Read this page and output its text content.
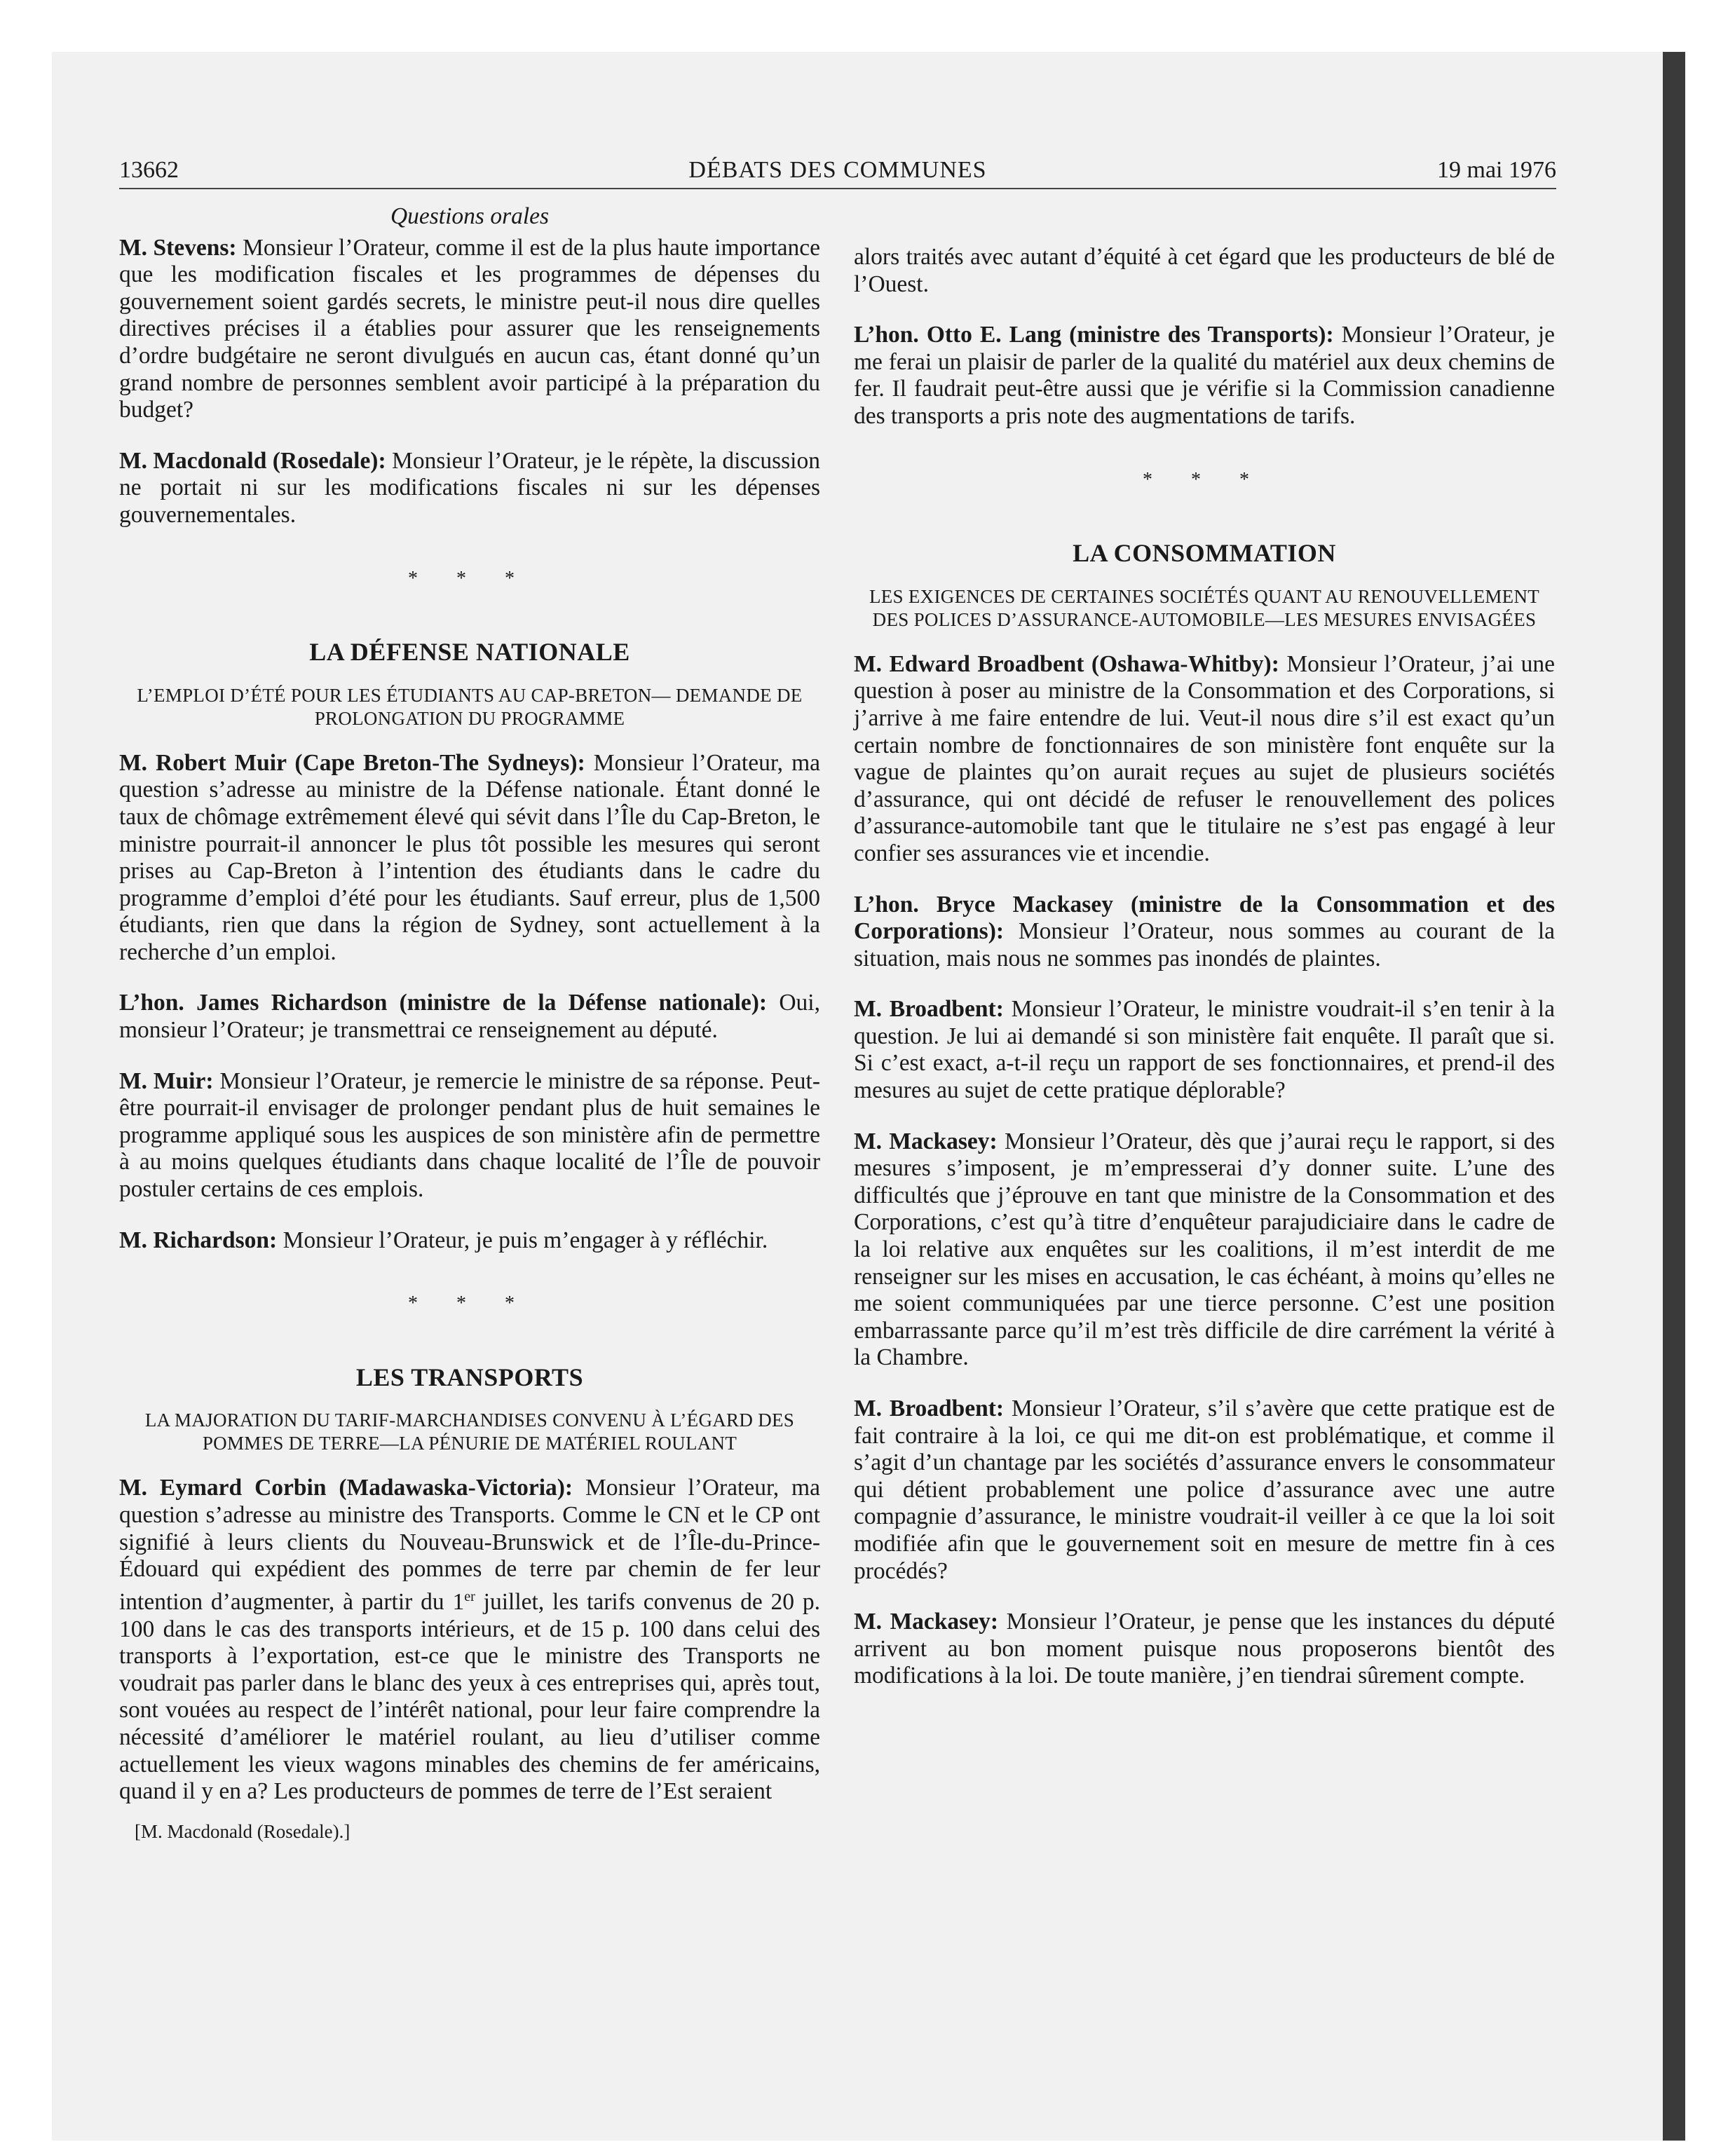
13662	DÉBATS DES COMMUNES	19 mai 1976
Questions orales

M. Stevens: Monsieur l’Orateur, comme il est de la plus haute importance que les modification fiscales et les programmes de dépenses du gouvernement soient gardés secrets, le ministre peut-il nous dire quelles directives précises il a établies pour assurer que les renseignements d’ordre budgétaire ne seront divulgués en aucun cas, étant donné qu’un grand nombre de personnes semblent avoir participé à la préparation du budget?

M. Macdonald (Rosedale): Monsieur l’Orateur, je le répète, la discussion ne portait ni sur les modifications fiscales ni sur les dépenses gouvernementales.

* * *
LA DÉFENSE NATIONALE
L’EMPLOI D’ÉTÉ POUR LES ÉTUDIANTS AU CAP-BRETON— DEMANDE DE PROLONGATION DU PROGRAMME

M. Robert Muir (Cape Breton-The Sydneys): Monsieur l’Orateur, ma question s’adresse au ministre de la Défense nationale. Étant donné le taux de chômage extrêmement élevé qui sévit dans l’Île du Cap-Breton, le ministre pourrait-il annoncer le plus tôt possible les mesures qui seront prises au Cap-Breton à l’intention des étudiants dans le cadre du programme d’emploi d’été pour les étudiants. Sauf erreur, plus de 1,500 étudiants, rien que dans la région de Sydney, sont actuellement à la recherche d’un emploi.

L’hon. James Richardson (ministre de la Défense nationale): Oui, monsieur l’Orateur; je transmettrai ce renseignement au député.

M. Muir: Monsieur l’Orateur, je remercie le ministre de sa réponse. Peut-être pourrait-il envisager de prolonger pendant plus de huit semaines le programme appliqué sous les auspices de son ministère afin de permettre à au moins quelques étudiants dans chaque localité de l’Île de pouvoir postuler certains de ces emplois.

M. Richardson: Monsieur l’Orateur, je puis m’engager à y réfléchir.

* * *
LES TRANSPORTS
LA MAJORATION DU TARIF-MARCHANDISES CONVENU À L’ÉGARD DES POMMES DE TERRE—LA PÉNURIE DE MATÉRIEL ROULANT

M. Eymard Corbin (Madawaska-Victoria): Monsieur l’Orateur, ma question s’adresse au ministre des Transports. Comme le CN et le CP ont signifié à leurs clients du Nouveau-Brunswick et de l’Île-du-Prince-Édouard qui expédient des pommes de terre par chemin de fer leur intention d’augmenter, à partir du 1er juillet, les tarifs convenus de 20 p. 100 dans le cas des transports intérieurs, et de 15 p. 100 dans celui des transports à l’exportation, est-ce que le ministre des Transports ne voudrait pas parler dans le blanc des yeux à ces entreprises qui, après tout, sont vouées au respect de l’intérêt national, pour leur faire comprendre la nécessité d’améliorer le matériel roulant, au lieu d’utiliser comme actuellement les vieux wagons minables des chemins de fer américains, quand il y en a? Les producteurs de pommes de terre de l’Est seraient

[M. Macdonald (Rosedale).]

alors traités avec autant d’équité à cet égard que les producteurs de blé de l’Ouest.

L’hon. Otto E. Lang (ministre des Transports): Monsieur l’Orateur, je me ferai un plaisir de parler de la qualité du matériel aux deux chemins de fer. Il faudrait peut-être aussi que je vérifie si la Commission canadienne des transports a pris note des augmentations de tarifs.

* * *
LA CONSOMMATION
LES EXIGENCES DE CERTAINES SOCIÉTÉS QUANT AU RENOUVELLEMENT DES POLICES D’ASSURANCE-AUTOMOBILE—LES MESURES ENVISAGÉES

M. Edward Broadbent (Oshawa-Whitby): Monsieur l’Orateur, j’ai une question à poser au ministre de la Consommation et des Corporations, si j’arrive à me faire entendre de lui. Veut-il nous dire s’il est exact qu’un certain nombre de fonctionnaires de son ministère font enquête sur la vague de plaintes qu’on aurait reçues au sujet de plusieurs sociétés d’assurance, qui ont décidé de refuser le renouvellement des polices d’assurance-automobile tant que le titulaire ne s’est pas engagé à leur confier ses assurances vie et incendie.

L’hon. Bryce Mackasey (ministre de la Consommation et des Corporations): Monsieur l’Orateur, nous sommes au courant de la situation, mais nous ne sommes pas inondés de plaintes.

M. Broadbent: Monsieur l’Orateur, le ministre voudrait-il s’en tenir à la question. Je lui ai demandé si son ministère fait enquête. Il paraît que si. Si c’est exact, a-t-il reçu un rapport de ses fonctionnaires, et prend-il des mesures au sujet de cette pratique déplorable?

M. Mackasey: Monsieur l’Orateur, dès que j’aurai reçu le rapport, si des mesures s’imposent, je m’empresserai d’y donner suite. L’une des difficultés que j’éprouve en tant que ministre de la Consommation et des Corporations, c’est qu’à titre d’enquêteur parajudiciaire dans le cadre de la loi relative aux enquêtes sur les coalitions, il m’est interdit de me renseigner sur les mises en accusation, le cas échéant, à moins qu’elles ne me soient communiquées par une tierce personne. C’est une position embarrassante parce qu’il m’est très difficile de dire carrément la vérité à la Chambre.

M. Broadbent: Monsieur l’Orateur, s’il s’avère que cette pratique est de fait contraire à la loi, ce qui me dit-on est problématique, et comme il s’agit d’un chantage par les sociétés d’assurance envers le consommateur qui détient probablement une police d’assurance avec une autre compagnie d’assurance, le ministre voudrait-il veiller à ce que la loi soit modifiée afin que le gouvernement soit en mesure de mettre fin à ces procédés?

M. Mackasey: Monsieur l’Orateur, je pense que les instances du député arrivent au bon moment puisque nous proposerons bientôt des modifications à la loi. De toute manière, j’en tiendrai sûrement compte.
